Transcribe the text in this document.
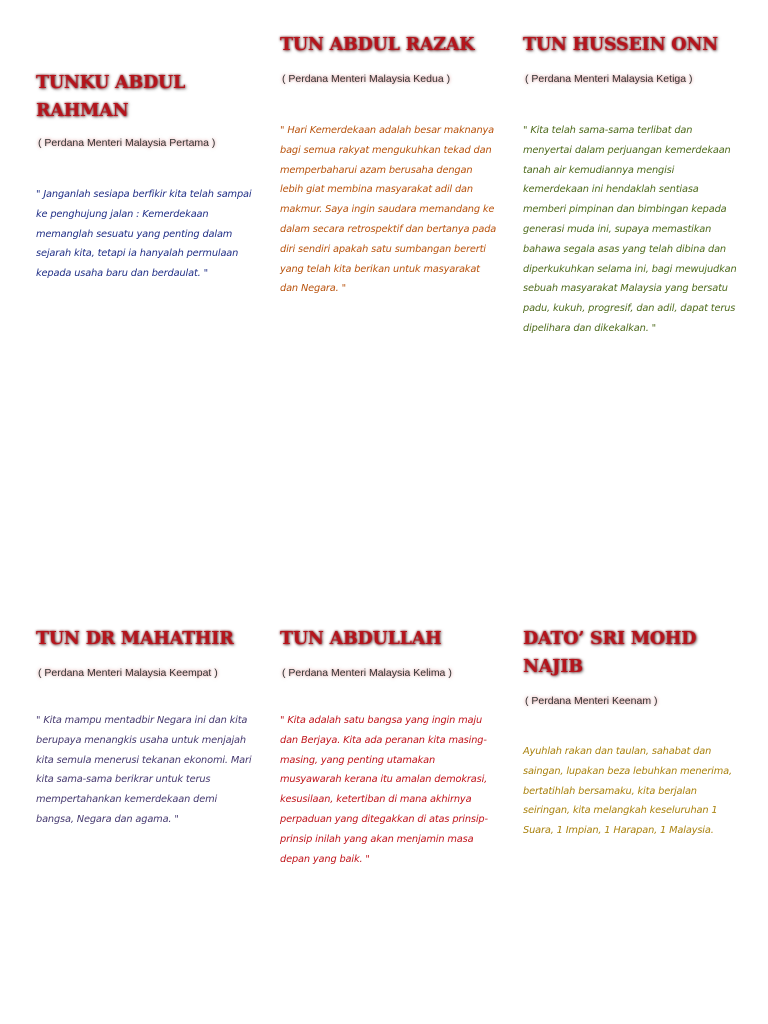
TUNKU ABDUL RAHMAN
( Perdana Menteri Malaysia Pertama )

" Janganlah sesiapa berfikir kita telah sampai ke penghujung jalan : Kemerdekaan memanglah sesuatu yang penting dalam sejarah kita, tetapi ia hanyalah permulaan kepada usaha baru dan berdaulat. "

TUN ABDUL RAZAK
( Perdana Menteri Malaysia Kedua )

" Hari Kemerdekaan adalah besar maknanya bagi semua rakyat mengukuhkan tekad dan memperbaharui azam berusaha dengan lebih giat membina masyarakat adil dan makmur. Saya ingin saudara memandang ke dalam secara retrospektif dan bertanya pada diri sendiri apakah satu sumbangan bererti yang telah kita berikan untuk masyarakat dan Negara. "

TUN HUSSEIN ONN
( Perdana Menteri Malaysia Ketiga )

" Kita telah sama-sama terlibat dan menyertai dalam perjuangan kemerdekaan tanah air kemudiannya mengisi kemerdekaan ini hendaklah sentiasa memberi pimpinan dan bimbingan kepada generasi muda ini, supaya memastikan bahawa segala asas yang telah dibina dan diperkukuhkan selama ini, bagi mewujudkan sebuah masyarakat Malaysia yang bersatu padu, kukuh, progresif, dan adil, dapat terus dipelihara dan dikekalkan. "

TUN DR MAHATHIR
( Perdana Menteri Malaysia Keempat )

" Kita mampu mentadbir Negara ini dan kita berupaya menangkis usaha untuk menjajah kita semula menerusi tekanan ekonomi. Mari kita sama-sama berikrar untuk terus mempertahankan kemerdekaan demi bangsa, Negara dan agama. "

TUN ABDULLAH
( Perdana Menteri Malaysia Kelima )

" Kita adalah satu bangsa yang ingin maju dan Berjaya. Kita ada peranan kita masing-masing, yang penting utamakan musyawarah kerana itu amalan demokrasi, kesusilaan, ketertiban di mana akhirnya perpaduan yang ditegakkan di atas prinsip-prinsip inilah yang akan menjamin masa depan yang baik. "

DATO’ SRI MOHD NAJIB
( Perdana Menteri Keenam )

Ayuhlah rakan dan taulan, sahabat dan saingan, lupakan beza lebuhkan menerima, bertatihlah bersamaku, kita berjalan seiringan, kita melangkah keseluruhan 1 Suara, 1 Impian, 1 Harapan, 1 Malaysia.
